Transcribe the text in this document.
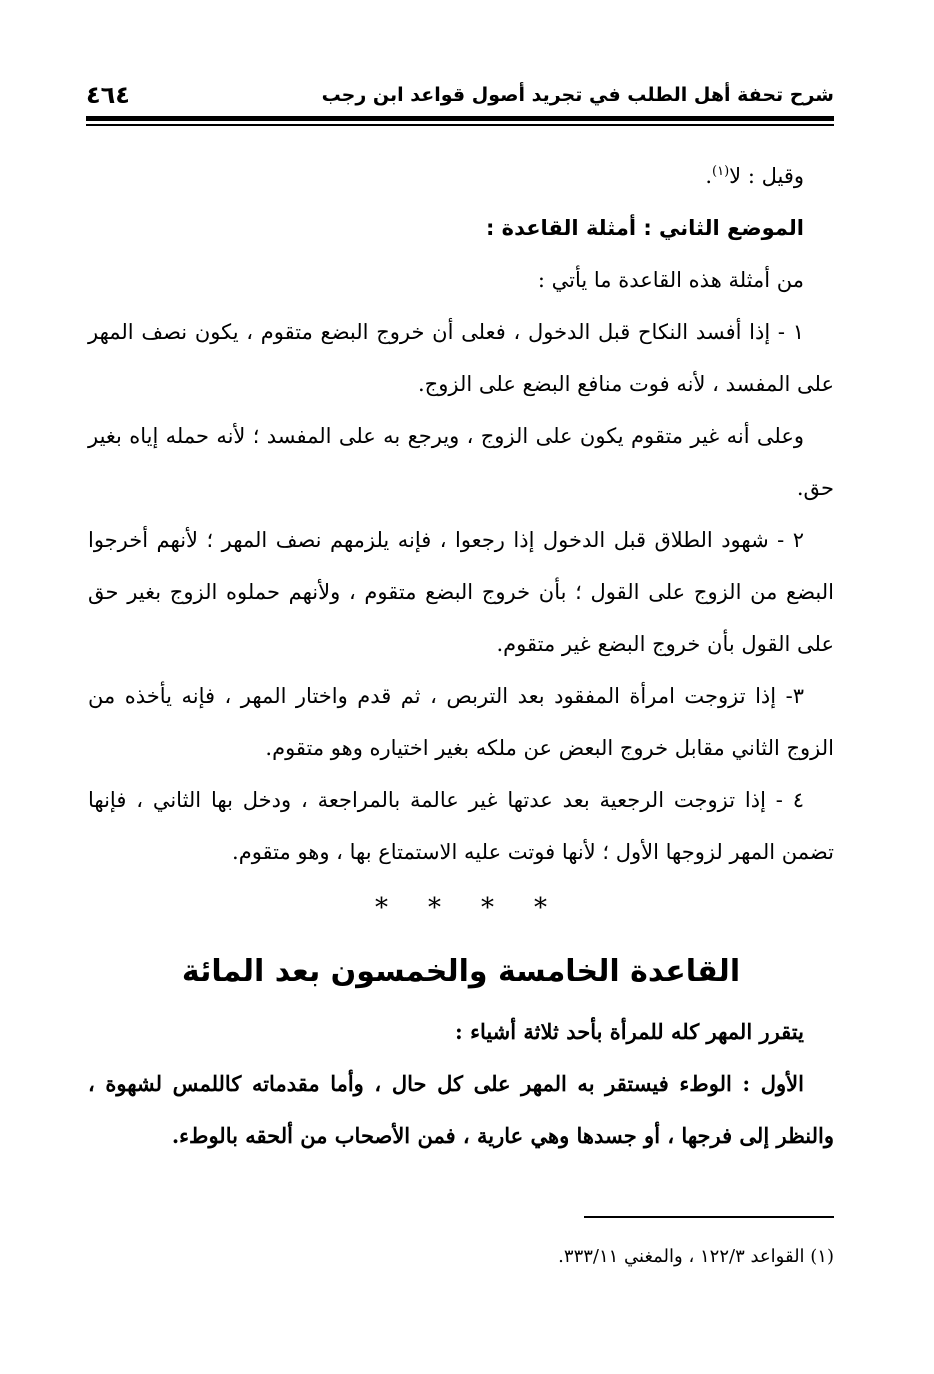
شرح تحفة أهل الطلب في تجريد أصول قواعد ابن رجب
٤٦٤

وقيل : لا$^{(١)}$.

الموضع الثاني : أمثلة القاعدة :

من أمثلة هذه القاعدة ما يأتي :

١ - إذا أفسد النكاح قبل الدخول ، فعلى أن خروج البضع متقوم ، يكون نصف المهر على المفسد ، لأنه فوت منافع البضع على الزوج.

وعلى أنه غير متقوم يكون على الزوج ، ويرجع به على المفسد ؛ لأنه حمله إياه بغير حق.

٢ - شهود الطلاق قبل الدخول إذا رجعوا ، فإنه يلزمهم نصف المهر ؛ لأنهم أخرجوا البضع من الزوج على القول ؛ بأن خروج البضع متقوم ، ولأنهم حملوه الزوج بغير حق على القول بأن خروج البضع غير متقوم.

٣- إذا تزوجت امرأة المفقود بعد التربص ، ثم قدم واختار المهر ، فإنه يأخذه من الزوج الثاني مقابل خروج البعض عن ملكه بغير اختياره وهو متقوم.

٤ - إذا تزوجت الرجعية بعد عدتها غير عالمة بالمراجعة ، ودخل بها الثاني ، فإنها تضمن المهر لزوجها الأول ؛ لأنها فوتت عليه الاستمتاع بها ، وهو متقوم.

*
*
*
*

القاعدة الخامسة والخمسون بعد المائة

يتقرر المهر كله للمرأة بأحد ثلاثة أشياء :

الأول : الوطء فيستقر به المهر على كل حال ، وأما مقدماته كاللمس لشهوة ، والنظر إلى فرجها ، أو جسدها وهي عارية ، فمن الأصحاب من ألحقه بالوطء.

(١) القواعد ١٢٢/٣ ، والمغني ٣٣٣/١١.
